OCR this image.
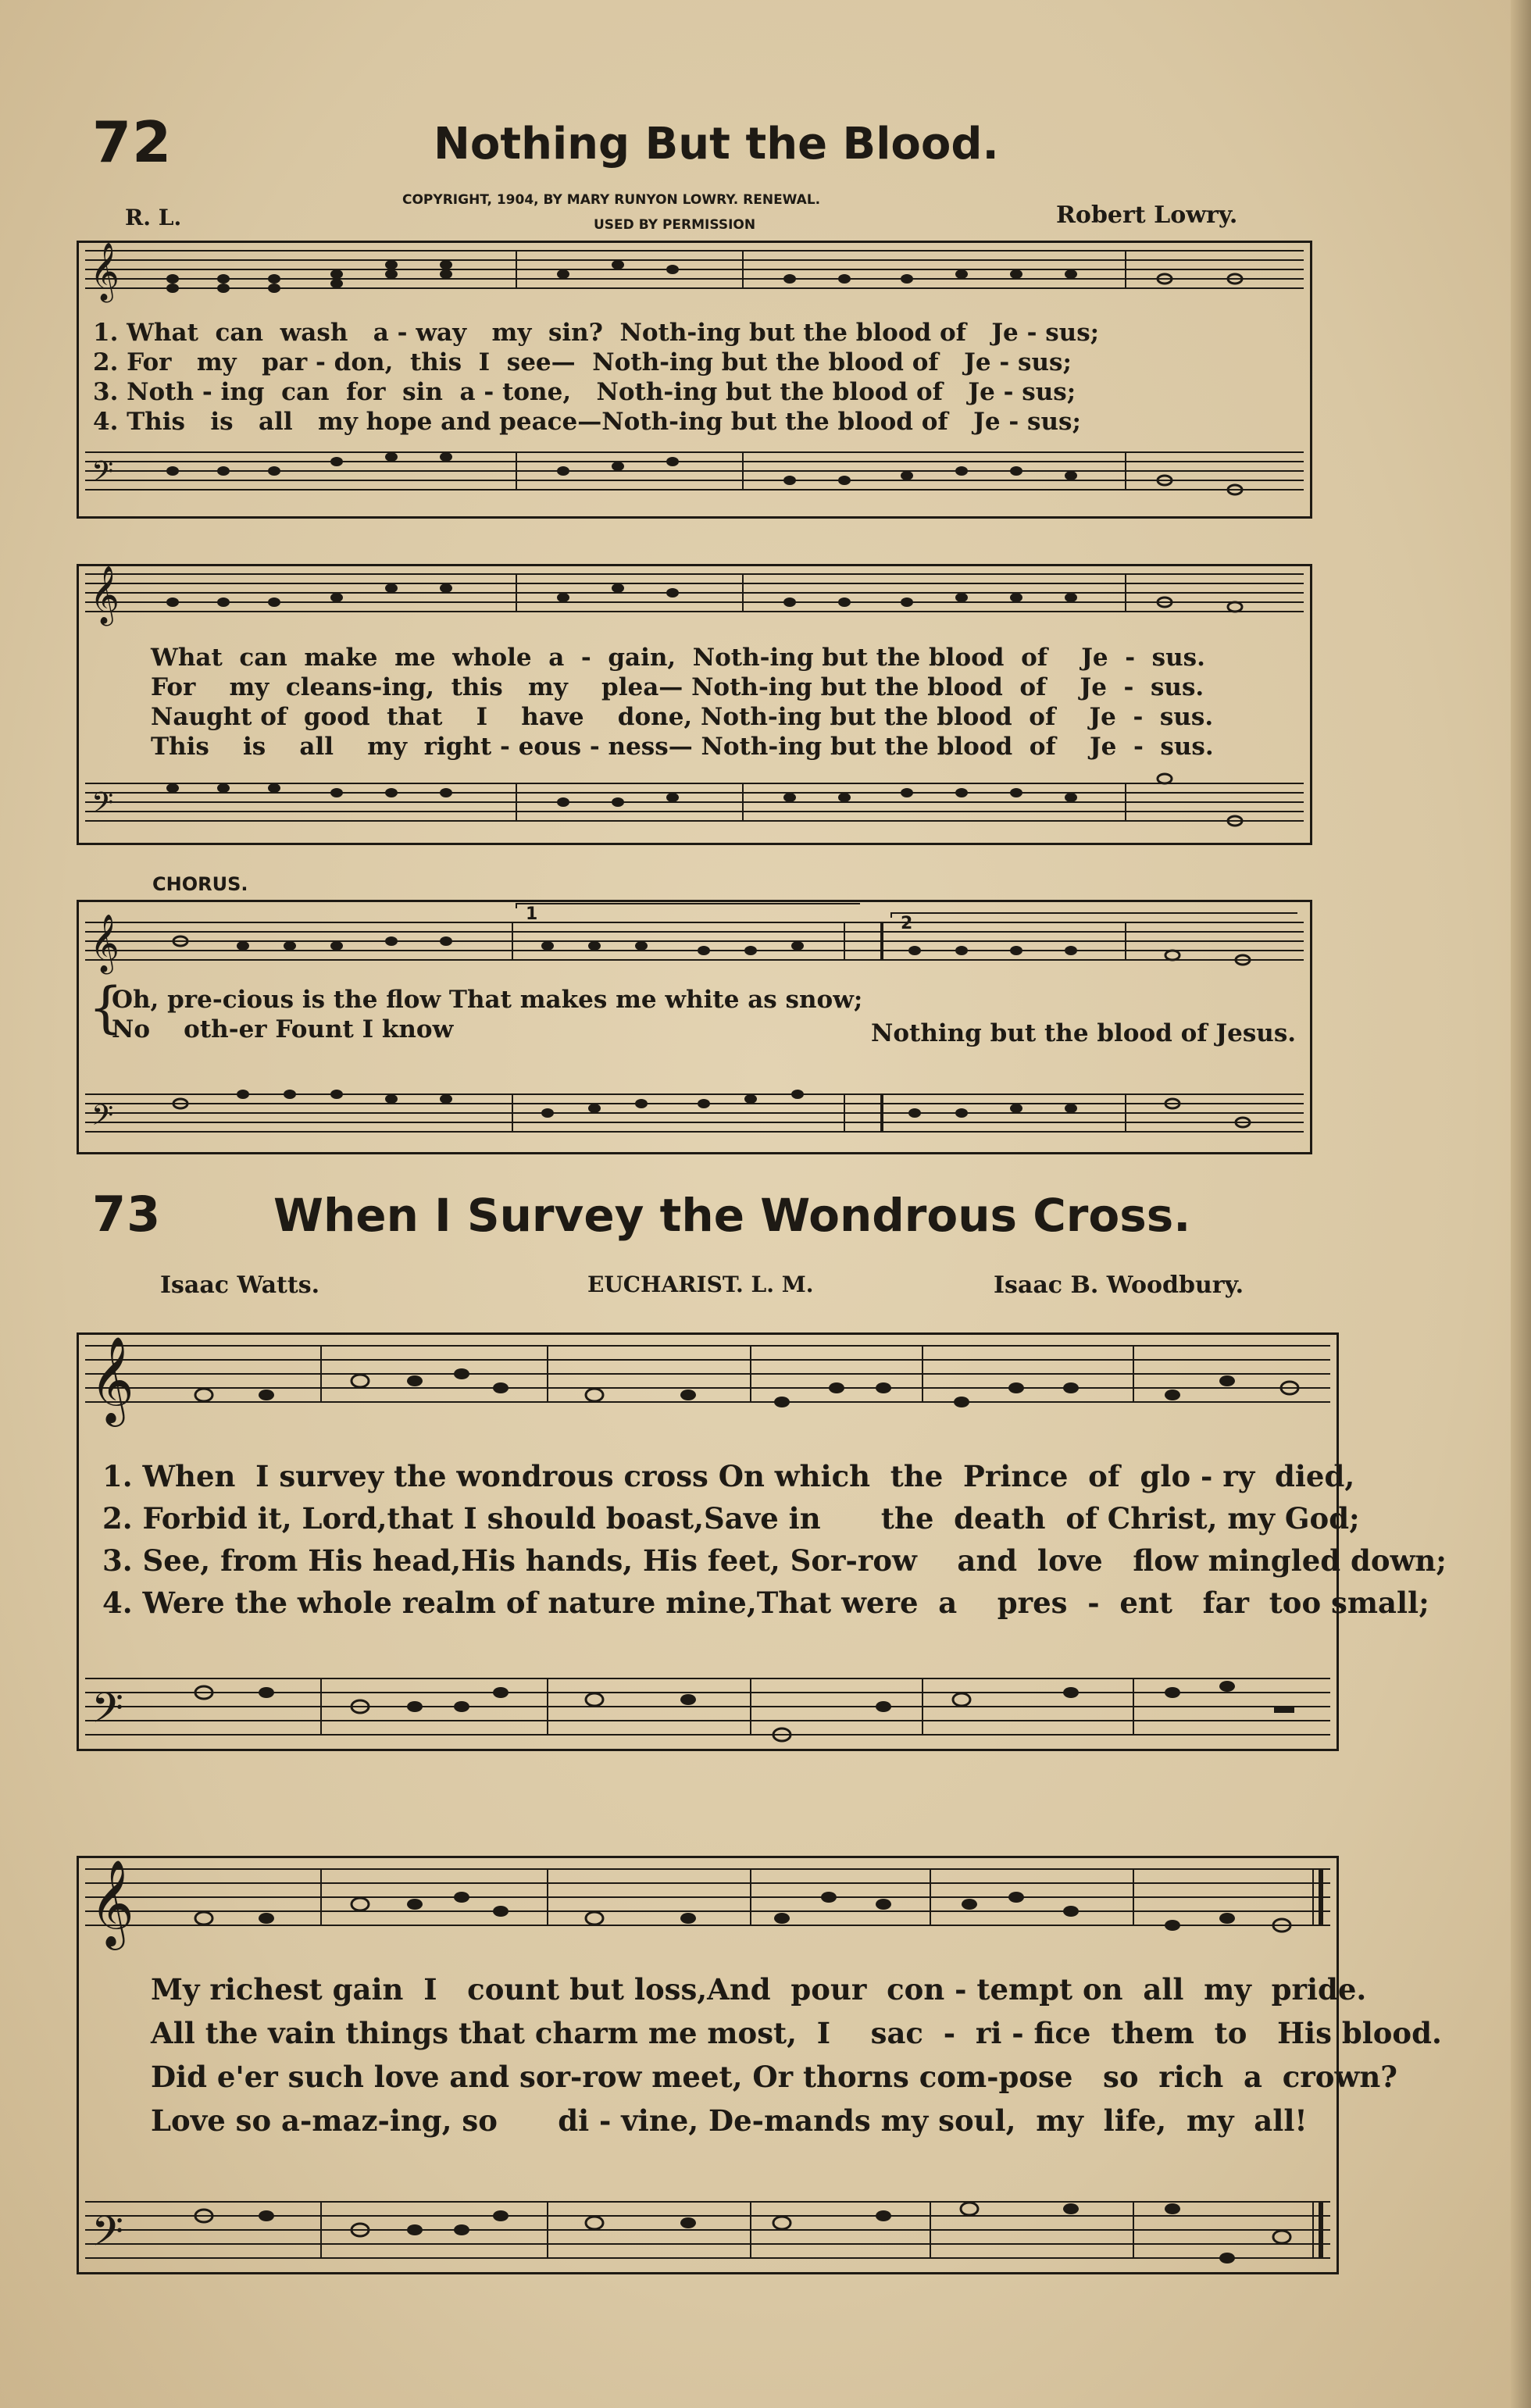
72	Nothing But the Blood.
R. L.
COPYRIGHT, 1904, BY MARY RUNYON LOWRY. RENEWAL.
USED BY PERMISSION	Robert Lowry.
𝄞
𝄢
1. What can wash a - way my sin? Noth-ing but the blood of Je - sus;
2. For my par - don, this I see— Noth-ing but the blood of Je - sus;
3. Noth - ing can for sin a - tone, Noth-ing but the blood of Je - sus;
4. This is all my hope and peace—Noth-ing but the blood of Je - sus;
𝄞
𝄢
What  can  make  me  whole  a  -  gain,  Noth-ing but the blood  of    Je  -  sus.
For    my  cleans-ing,  this   my    plea— Noth-ing but the blood  of    Je  -  sus.
Naught of  good  that    I    have    done, Noth-ing but the blood  of    Je  -  sus.
This    is    all    my  right - eous - ness— Noth-ing but the blood  of    Je  -  sus.
CHORUS.
1	2
𝄞
𝄢
{
Oh, pre-cious is the flow That makes me white as snow;
No    oth-er Fount I know	Nothing but the blood of Jesus.
73 When I Survey the Wondrous Cross.
Isaac Watts.	EUCHARIST. L. M.	Isaac B. Woodbury.
𝄞
𝄢
1. When  I survey the wondrous cross On which  the  Prince  of  glo - ry  died,
2. Forbid it, Lord,that I should boast,Save in      the  death  of Christ, my God;
3. See, from His head,His hands, His feet, Sor-row    and  love   flow mingled down;
4. Were the whole realm of nature mine,That were  a    pres  -  ent   far  too small;
𝄞
𝄢
My richest gain  I   count but loss,And  pour  con - tempt on  all  my  pride.
All the vain things that charm me most,  I    sac  -  ri - fice  them  to   His blood.
Did e'er such love and sor-row meet, Or thorns com-pose   so  rich  a  crown?
Love so a-maz-ing, so      di - vine, De-mands my soul,  my  life,  my  all!
